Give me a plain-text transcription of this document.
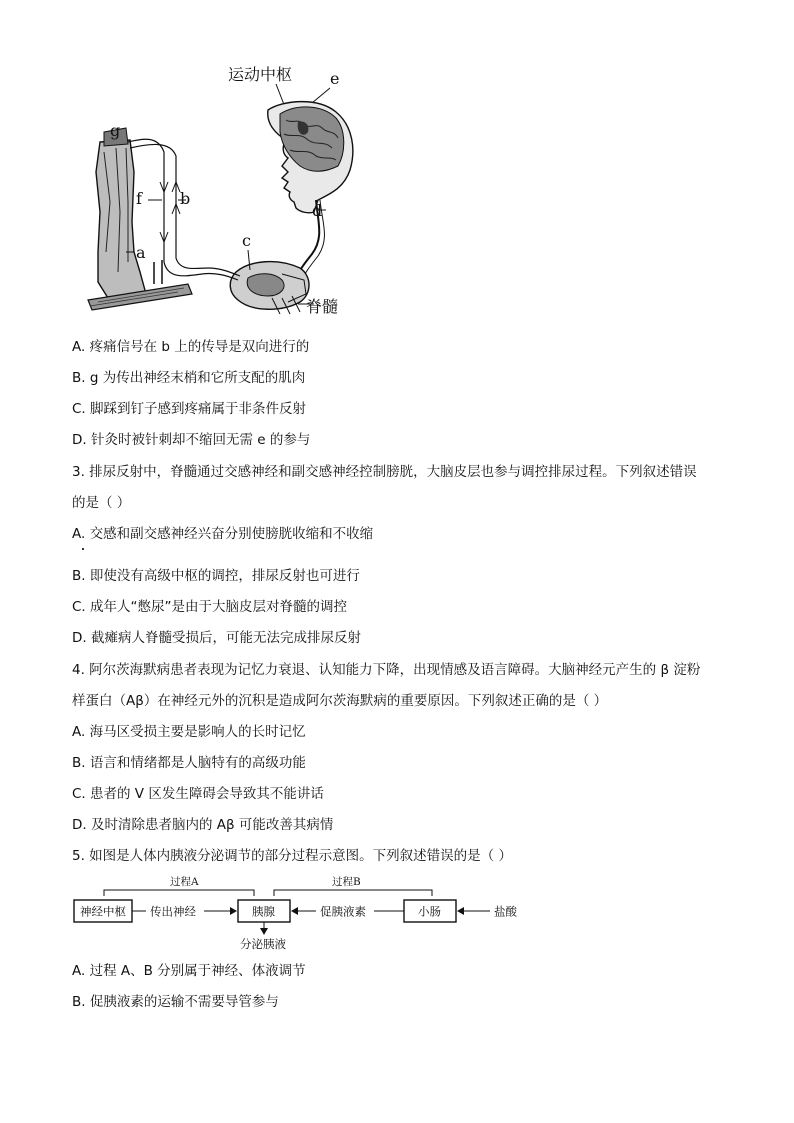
运动中枢 e
d
c
脊髓
g
f b
a
A. 疼痛信号在 b 上的传导是双向进行的
B. g 为传出神经末梢和它所支配的肌肉
C. 脚踩到钉子感到疼痛属于非条件反射
D. 针灸时被针刺却不缩回无需 e 的参与
3. 排尿反射中，脊髓通过交感神经和副交感神经控制膀胱，大脑皮层也参与调控排尿过程。下列叙述错误
的是（ ）
A. 交感和副交感神经兴奋分别使膀胱收缩和不收缩
B. 即使没有高级中枢的调控，排尿反射也可进行
C. 成年人“憋尿”是由于大脑皮层对脊髓的调控
D. 截瘫病人脊髓受损后，可能无法完成排尿反射
4. 阿尔茨海默病患者表现为记忆力衰退、认知能力下降，出现情感及语言障碍。大脑神经元产生的 β 淀粉
样蛋白（Aβ）在神经元外的沉积是造成阿尔茨海默病的重要原因。下列叙述正确的是（ ）
A. 海马区受损主要是影响人的长时记忆
B. 语言和情绪都是人脑特有的高级功能
C. 患者的 V 区发生障碍会导致其不能讲话
D. 及时清除患者脑内的 Aβ 可能改善其病情
5. 如图是人体内胰液分泌调节的部分过程示意图。下列叙述错误的是（ ）
过程A	过程B
神经中枢	胰腺	小肠
传出神经	促胰液素	盐酸
分泌胰液
A. 过程 A、B 分别属于神经、体液调节
B. 促胰液素的运输不需要导管参与
